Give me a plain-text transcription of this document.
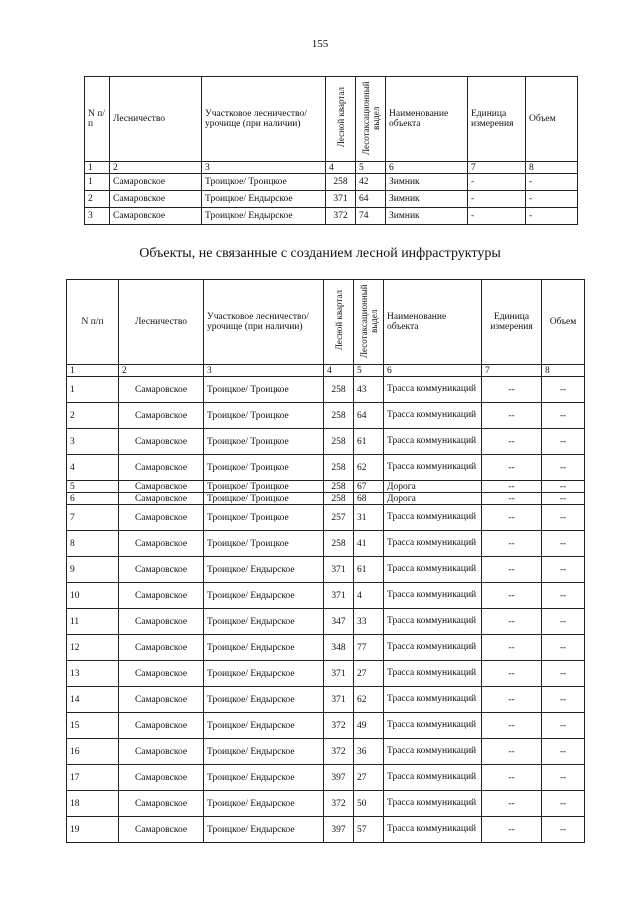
155
N п/п	Лесничество	Участковое лесничество/ урочище (при наличии)	Лесной квартал	Лесотаксационный выдел	Наименование объекта	Единица измерения	Объем
1	2	3	4	5	6	7	8
1	Самаровское	Троицкое/ Троицкое	258	42	Зимник	-	-
2	Самаровское	Троицкое/ Ендырское	371	64	Зимник	-	-
3	Самаровское	Троицкое/ Ендырское	372	74	Зимник	-	-
Объекты, не связанные с созданием лесной инфраструктуры
N п/п	Лесничество	Участковое лесничество/ урочище (при наличии)	Лесной квартал	Лесотаксационный выдел	Наименование объекта	Единица измерения	Объем
1	2	3	4	5	6	7	8
1	Самаровское	Троицкое/ Троицкое	258	43	Трасса коммуникаций	--	--
2	Самаровское	Троицкое/ Троицкое	258	64	Трасса коммуникаций	--	--
3	Самаровское	Троицкое/ Троицкое	258	61	Трасса коммуникаций	--	--
4	Самаровское	Троицкое/ Троицкое	258	62	Трасса коммуникаций	--	--
5	Самаровское	Троицкое/ Троицкое	258	67	Дорога	--	--
6	Самаровское	Троицкое/ Троицкое	258	68	Дорога	--	--
7	Самаровское	Троицкое/ Троицкое	257	31	Трасса коммуникаций	--	--
8	Самаровское	Троицкое/ Троицкое	258	41	Трасса коммуникаций	--	--
9	Самаровское	Троицкое/ Ендырское	371	61	Трасса коммуникаций	--	--
10	Самаровское	Троицкое/ Ендырское	371	4	Трасса коммуникаций	--	--
11	Самаровское	Троицкое/ Ендырское	347	33	Трасса коммуникаций	--	--
12	Самаровское	Троицкое/ Ендырское	348	77	Трасса коммуникаций	--	--
13	Самаровское	Троицкое/ Ендырское	371	27	Трасса коммуникаций	--	--
14	Самаровское	Троицкое/ Ендырское	371	62	Трасса коммуникаций	--	--
15	Самаровское	Троицкое/ Ендырское	372	49	Трасса коммуникаций	--	--
16	Самаровское	Троицкое/ Ендырское	372	36	Трасса коммуникаций	--	--
17	Самаровское	Троицкое/ Ендырское	397	27	Трасса коммуникаций	--	--
18	Самаровское	Троицкое/ Ендырское	372	50	Трасса коммуникаций	--	--
19	Самаровское	Троицкое/ Ендырское	397	57	Трасса коммуникаций	--	--
